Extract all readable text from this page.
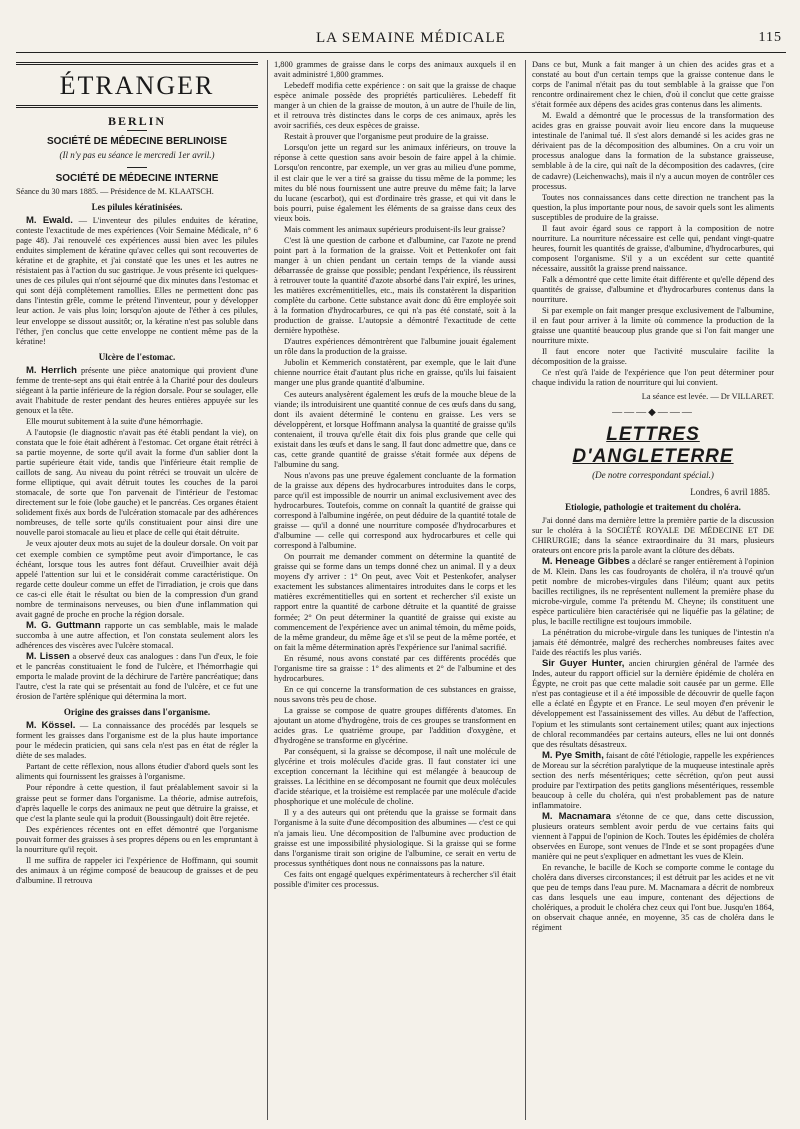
LA SEMAINE MÉDICALE	115
ÉTRANGER
BERLIN
SOCIÉTÉ DE MÉDECINE BERLINOISE
(Il n'y pas eu séance le mercredi 1er avril.)
SOCIÉTÉ DE MÉDECINE INTERNE

Séance du 30 mars 1885. — Présidence de M. KLAATSCH.

Les pilules kératinisées.

M. Ewald. — L'inventeur des pilules enduites de kératine, conteste l'exactitude de mes expériences (Voir Semaine Médicale, n° 6 page 48). J'ai renouvelé ces expériences aussi bien avec les pilules enduites simplement de kératine qu'avec celles qui sont recouvertes de kératine et de graphite, et j'ai constaté que les unes et les autres ne résistaient pas à l'action du suc gastrique. Je vous présente ici quelques-unes de ces pilules qui n'ont séjourné que dix minutes dans l'estomac et qui sont déjà complètement ramollies. Elles ne permettent donc pas dans l'intestin grêle, comme le prétend l'inventeur, pour y développer leur action. Je vais plus loin; lorsqu'on ajoute de l'éther à ces pilules, leur enveloppe se dissout aussitôt; or, la kératine n'est pas soluble dans l'éther, j'en conclus que cette enveloppe ne contient même pas de la kératine!

Ulcère de l'estomac.

M. Herrlich présente une pièce anatomique qui provient d'une femme de trente-sept ans qui était entrée à la Charité pour des douleurs siégeant à la partie inférieure de la région dorsale. Pour se soulager, elle avait l'habitude de rester pendant des heures entières appuyée sur les genoux et la tête.

Elle mourut subitement à la suite d'une hémorrhagie.

A l'autopsie (le diagnostic n'avait pas été établi pendant la vie), on constata que le foie était adhérent à l'estomac. Cet organe était rétréci à sa partie moyenne, de sorte qu'il avait la forme d'un sablier dont la partie supérieure était vide, tandis que l'inférieure était remplie de caillots de sang. Au niveau du point rétréci se trouvait un ulcère de forme elliptique, qui avait détruit toutes les couches de la paroi stomacale, de sorte que l'on parvenait de l'intérieur de l'estomac directement sur le foie (lobe gauche) et le pancréas. Ces organes étaient solidement fixés aux bords de l'ulcération stomacale par des adhérences nombreuses, de telle sorte qu'ils constituaient pour ainsi dire une nouvelle paroi stomacale au lieu et place de celle qui était détruite.

Je veux ajouter deux mots au sujet de la douleur dorsale. On voit par cet exemple combien ce symptôme peut avoir d'importance, le cas échéant, lorsque tous les autres font défaut. Cruveilhier avait déjà appelé l'attention sur lui et le considérait comme caractéristique. On regarde cette douleur comme un effet de l'irradiation, je crois que dans ce cas-ci elle était le résultat ou bien de la compression d'un grand nombre de terminaisons nerveuses, ou bien d'une inflammation qui avait gagné de proche en proche la région dorsale.

M. G. Guttmann rapporte un cas semblable, mais le malade succomba à une autre affection, et l'on constata seulement alors les adhérences des viscères avec l'ulcère stomacal.

M. Lissen a observé deux cas analogues : dans l'un d'eux, le foie et le pancréas constituaient le fond de l'ulcère, et l'hémorrhagie qui emporta le malade provint de la déchirure de l'artère pancréatique; dans l'autre, c'est la rate qui se présentait au fond de l'ulcère, et ce fut une érosion de l'artère splénique qui détermina la mort.

Origine des graisses dans l'organisme.

M. Kössel. — La connaissance des procédés par lesquels se forment les graisses dans l'organisme est de la plus haute importance pour le médecin praticien, qui sans cela n'est pas en état de régler la diète de ses malades.

Partant de cette réflexion, nous allons étudier d'abord quels sont les aliments qui fournissent les graisses à l'organisme.

Pour répondre à cette question, il faut préalablement savoir si la graisse peut se former dans l'organisme. La théorie, admise autrefois, d'après laquelle le corps des animaux ne peut que détruire la graisse, et que c'est la plante seule qui la produit (Boussingault) doit être rejetée.

Des expériences récentes ont en effet démontré que l'organisme pouvait former des graisses à ses propres dépens ou en les empruntant à la nourriture qu'il reçoit.

Il me suffira de rappeler ici l'expérience de Hoffmann, qui soumit des animaux à un régime composé de beaucoup de graisses et de peu d'albumine. Il retrouva

1,800 grammes de graisse dans le corps des animaux auxquels il en avait administré 1,800 grammes.

Lebedeff modifia cette expérience : on sait que la graisse de chaque espèce animale possède des propriétés particulières. Lebedeff fit manger à un chien de la graisse de mouton, à un autre de l'huile de lin, et il retrouva très distinctes dans le corps de ces animaux, après les avoir sacrifiés, ces deux espèces de graisse.

Restait à prouver que l'organisme peut produire de la graisse.

Lorsqu'on jette un regard sur les animaux inférieurs, on trouve la réponse à cette question sans avoir besoin de faire appel à la chimie. Lorsqu'on rencontre, par exemple, un ver gras au milieu d'une pomme, il est clair que le ver a tiré sa graisse du tissu même de la pomme; les mites du blé nous fournissent une autre preuve du même fait; la larve du lucane (escarbot), qui est d'ordinaire très grasse, et qui vit dans le bois pourri, puise également les éléments de sa graisse dans ceux des vieux bois.

Mais comment les animaux supérieurs produisent-ils leur graisse?

C'est là une question de carbone et d'albumine, car l'azote ne prend point part à la formation de la graisse. Voit et Pettenkofer ont fait manger à un chien pendant un certain temps de la viande aussi débarrassée de graisse que possible; pendant l'expérience, ils réussirent à retrouver toute la quantité d'azote absorbé dans l'air expiré, les urines, les matières excrémentitielles, etc., mais ils constatèrent la disparition complète du carbone. Cette substance avait donc dû être employée soit à la formation d'hydrocarbures, ce qui n'a pas été constaté, soit à la production de graisse. L'autopsie a démontré l'exactitude de cette dernière hypothèse.

D'autres expériences démontrèrent que l'albumine jouait également un rôle dans la production de la graisse.

Jubolin et Kemmerich constatèrent, par exemple, que le lait d'une chienne nourrice était d'autant plus riche en graisse, qu'ils lui faisaient manger une plus grande quantité d'albumine.

Ces auteurs analysèrent également les œufs de la mouche bleue de la viande; ils introduisirent une quantité connue de ces œufs dans du sang, dont ils avaient déterminé le contenu en graisse. Les vers se développèrent, et lorsque Hoffmann analysa la quantité de graisse qu'ils contenaient, il trouva qu'elle était dix fois plus grande que celle qui existait dans les œufs et dans le sang. Il faut donc admettre que, dans ce cas, cette grande quantité de graisse s'était formée aux dépens de l'albumine du sang.

Nous n'avons pas une preuve également concluante de la formation de la graisse aux dépens des hydrocarbures introduites dans le corps, parce qu'il est impossible de nourrir un animal exclusivement avec des hydrocarbures. Toutefois, comme on connaît la quantité de graisse qui correspond à l'albumine ingérée, on peut déduire de la quantité totale de graisse — qu'il a donné une nourriture composée d'hydrocarbures et d'albumine — celle qui correspond aux hydrocarbures et celle qui correspond à l'albumine.

On pourrait me demander comment on détermine la quantité de graisse qui se forme dans un temps donné chez un animal. Il y a deux moyens d'y arriver : 1° On peut, avec Voit et Pestenkofer, analyser exactement les substances alimentaires introduites dans le corps et les matières excrémentitielles qui en sortent et rechercher s'il existe un rapport entre la quantité de carbone détruite et la quantité de graisse formée; 2° On peut déterminer la quantité de graisse qui existe au commencement de l'expérience avec un animal témoin, du même poids, de la même grandeur, du même âge et s'il se peut de la même portée, et on fait la même détermination après l'expérience sur l'animal sacrifié.

En résumé, nous avons constaté par ces différents procédés que l'organisme tire sa graisse : 1° des aliments et 2° de l'albumine et des hydrocarbures.

En ce qui concerne la transformation de ces substances en graisse, nous savons très peu de chose.

La graisse se compose de quatre groupes différents d'atomes. En ajoutant un atome d'hydrogène, trois de ces groupes se transforment en acides gras. Le quatrième groupe, par l'addition d'oxygène, et d'hydrogène se transforme en glycérine.

Par conséquent, si la graisse se décompose, il naît une molécule de glycérine et trois molécules d'acide gras. Il faut constater ici une exception concernant la lécithine qui est mélangée à beaucoup de graisses. La lécithine en se décomposant ne fournit que deux molécules d'acide stéarique, et la troisième est remplacée par une molécule d'acide phosphorique et une molécule de choline.

Il y a des auteurs qui ont prétendu que la graisse se formait dans l'organisme à la suite d'une décomposition des albumines — c'est ce qui n'a jamais lieu. Une décomposition de l'albumine avec production de graisse est une impossibilité physiologique. Si la graisse qui se forme dans l'organisme tirait son origine de l'albumine, ce serait en vertu de processus synthétiques dont nous ne connaissons pas la nature.

Ces faits ont engagé quelques expérimentateurs à rechercher s'il était possible d'imiter ces processus.

Dans ce but, Munk a fait manger à un chien des acides gras et a constaté au bout d'un certain temps que la graisse contenue dans le corps de l'animal n'était pas du tout semblable à la graisse que l'on rencontre ordinairement chez le chien, d'où il conclut que cette graisse s'était formée aux dépens des acides gras contenus dans les aliments.

M. Ewald a démontré que le processus de la transformation des acides gras en graisse pouvait avoir lieu encore dans la muqueuse intestinale de l'animal tué. Il s'est alors demandé si les acides gras ne dérivaient pas de la décomposition des albumines. On a cru voir un processus analogue dans la formation de la substance graisseuse, semblable à de la cire, qui naît de la décomposition des cadavres, (cire de cadavre) (Leichenwachs), mais il n'y a aucun moyen de contrôler ces processus.

Toutes nos connaissances dans cette direction ne tranchent pas la question, la plus importante pour nous, de savoir quels sont les aliments susceptibles de produire de la graisse.

Il faut avoir égard sous ce rapport à la composition de notre nourriture. La nourriture nécessaire est celle qui, pendant vingt-quatre heures, fournit les quantités de graisse, d'albumine, d'hydrocarbures, qui composent l'organisme. S'il y a un excédent sur cette quantité nécessaire, aussitôt la graisse prend naissance.

Falk a démontré que cette limite était différente et qu'elle dépend des quantités de graisse, d'albumine et d'hydrocarbures contenus dans la nourriture.

Si par exemple on fait manger presque exclusivement de l'albumine, il en faut pour arriver à la limite où commence la production de la graisse une quantité beaucoup plus grande que si l'on fait manger une nourriture mixte.

Il faut encore noter que l'activité musculaire facilite la décomposition de la graisse.

Ce n'est qu'à l'aide de l'expérience que l'on peut déterminer pour chaque individu la ration de nourriture qui lui convient.

La séance est levée. — Dr VILLARET.

———◆———
LETTRES D'ANGLETERRE
(De notre correspondant spécial.)

Londres, 6 avril 1885.

Etiologie, pathologie et traitement du choléra.

J'ai donné dans ma dernière lettre la première partie de la discussion sur le choléra à la SOCIÉTÉ ROYALE DE MÉDECINE ET DE CHIRURGIE; dans la séance extraordinaire du 31 mars, plusieurs orateurs ont encore pris la parole avant la clôture des débats.

M. Heneage Gibbes a déclaré se ranger entièrement à l'opinion de M. Klein. Dans les cas foudroyants de choléra, il n'a trouvé qu'un petit nombre de microbes-virgules dans l'iléum; quant aux petits bacilles rectilignes, ils ne représentent nullement la première phase du microbe-virgule, comme l'a prétendu M. Cheyne; ils constituent une espèce particulière bien caractérisée qui ne liquéfie pas la gélatine; de plus, le bacille rectiligne est toujours immobile.

La pénétration du microbe-virgule dans les tuniques de l'intestin n'a jamais été démontrée, malgré des recherches nombreuses faites avec l'aide des réactifs les plus variés.

Sir Guyer Hunter, ancien chirurgien général de l'armée des Indes, auteur du rapport officiel sur la dernière épidémie de choléra en Égypte, ne croit pas que cette maladie soit causée par un germe. Elle n'est pas contagieuse et il a été impossible de découvrir de quelle façon elle a éclaté en Égypte et en France. Le seul moyen d'en prévenir le développement est l'assainissement des villes. Au début de l'affection, l'opium et les stimulants sont certainement utiles; quant aux injections de chloral recommandées par certains auteurs, elles ne lui ont donnés que des résultats désastreux.

M. Pye Smith, faisant de côté l'étiologie, rappelle les expériences de Moreau sur la sécrétion paralytique de la muqueuse intestinale après section des nerfs mésentériques; cette sécrétion, qu'on peut aussi produire par l'extirpation des petits ganglions mésentériques, ressemble beaucoup à celle du choléra, qui n'est probablement pas de nature inflammatoire.

M. Macnamara s'étonne de ce que, dans cette discussion, plusieurs orateurs semblent avoir perdu de vue certains faits qui viennent à l'appui de l'opinion de Koch. Toutes les épidémies de choléra observées en Europe, sont venues de l'Inde et se sont propagées d'une manière qui ne peut s'expliquer en admettant les vues de Klein.

En revanche, le bacille de Koch se comporte comme le contage du choléra dans diverses circonstances; il est détruit par les acides et ne vit que peu de temps dans l'eau pure. M. Macnamara a décrit de nombreux cas dans lesquels une eau impure, contenant des déjections de cholériques, a produit le choléra chez ceux qui l'ont bue. Jusqu'en 1864, on observait chaque année, en moyenne, 35 cas de choléra dans le régiment
